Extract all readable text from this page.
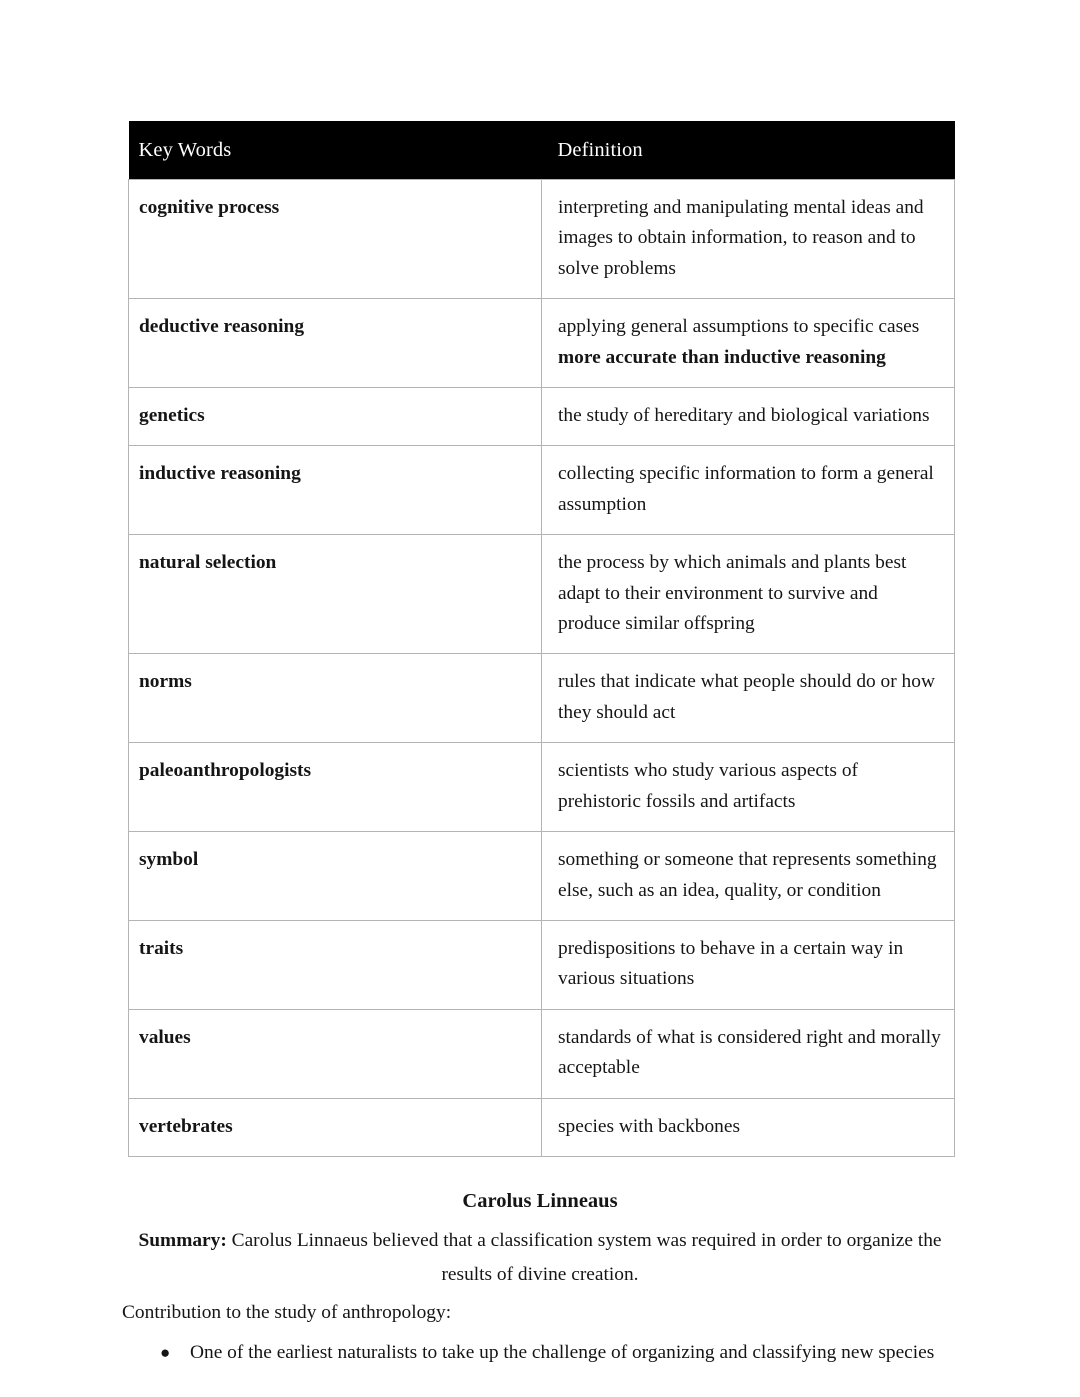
Key Words	Definition
cognitive process	interpreting and manipulating mental ideas and images to obtain information, to reason and to solve problems
deductive reasoning	applying general assumptions to specific cases
more accurate than inductive reasoning

genetics	the study of hereditary and biological variations
inductive reasoning	collecting specific information to form a general assumption
natural selection	the process by which animals and plants best adapt to their environment to survive and produce similar offspring
norms	rules that indicate what people should do or how they should act
paleoanthropologists	scientists who study various aspects of prehistoric fossils and artifacts
symbol	something or someone that represents something else, such as an idea, quality, or condition
traits	predispositions to behave in a certain way in various situations
values	standards of what is considered right and morally acceptable
vertebrates	species with backbones
Carolus Linneaus

Summary: Carolus Linnaeus believed that a classification system was required in order to organize the results of divine creation.

Contribution to the study of anthropology:

● One of the earliest naturalists to take up the challenge of organizing and classifying new species
